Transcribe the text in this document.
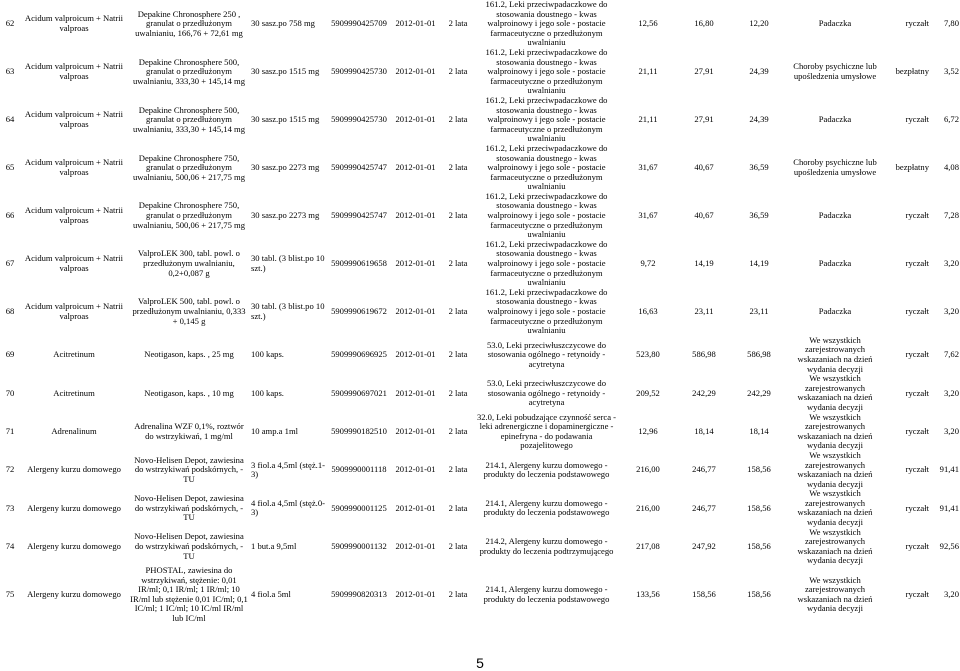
62	Acidum valproicum + Natrii valproas	Depakine Chronosphere 250 , granulat o przedłużonym uwalnianiu, 166,76 + 72,61 mg	30 sasz.po 758 mg	5909990425709	2012-01-01	2 lata	161.2, Leki przeciwpadaczkowe do stosowania doustnego - kwas walproinowy i jego sole - postacie farmaceutyczne o przedłużonym uwalnianiu	12,56	16,80	12,20	Padaczka	ryczałt	7,80
63	Acidum valproicum + Natrii valproas	Depakine Chronosphere 500, granulat o przedłużonym uwalnianiu, 333,30 + 145,14 mg	30 sasz.po 1515 mg	5909990425730	2012-01-01	2 lata	161.2, Leki przeciwpadaczkowe do stosowania doustnego - kwas walproinowy i jego sole - postacie farmaceutyczne o przedłużonym uwalnianiu	21,11	27,91	24,39	Choroby psychiczne lub upośledzenia umysłowe	bezpłatny	3,52
64	Acidum valproicum + Natrii valproas	Depakine Chronosphere 500, granulat o przedłużonym uwalnianiu, 333,30 + 145,14 mg	30 sasz.po 1515 mg	5909990425730	2012-01-01	2 lata	161.2, Leki przeciwpadaczkowe do stosowania doustnego - kwas walproinowy i jego sole - postacie farmaceutyczne o przedłużonym uwalnianiu	21,11	27,91	24,39	Padaczka	ryczałt	6,72
65	Acidum valproicum + Natrii valproas	Depakine Chronosphere 750, granulat o przedłużonym uwalnianiu, 500,06 + 217,75 mg	30 sasz.po 2273 mg	5909990425747	2012-01-01	2 lata	161.2, Leki przeciwpadaczkowe do stosowania doustnego - kwas walproinowy i jego sole - postacie farmaceutyczne o przedłużonym uwalnianiu	31,67	40,67	36,59	Choroby psychiczne lub upośledzenia umysłowe	bezpłatny	4,08
66	Acidum valproicum + Natrii valproas	Depakine Chronosphere 750, granulat o przedłużonym uwalnianiu, 500,06 + 217,75 mg	30 sasz.po 2273 mg	5909990425747	2012-01-01	2 lata	161.2, Leki przeciwpadaczkowe do stosowania doustnego - kwas walproinowy i jego sole - postacie farmaceutyczne o przedłużonym uwalnianiu	31,67	40,67	36,59	Padaczka	ryczałt	7,28
67	Acidum valproicum + Natrii valproas	ValproLEK 300, tabl. powl. o przedłużonym uwalnianiu, 0,2+0,087 g	30 tabl. (3 blist.po 10 szt.)	5909990619658	2012-01-01	2 lata	161.2, Leki przeciwpadaczkowe do stosowania doustnego - kwas walproinowy i jego sole - postacie farmaceutyczne o przedłużonym uwalnianiu	9,72	14,19	14,19	Padaczka	ryczałt	3,20
68	Acidum valproicum + Natrii valproas	ValproLEK 500, tabl. powl. o przedłużonym uwalnianiu, 0,333 + 0,145 g	30 tabl. (3 blist.po 10 szt.)	5909990619672	2012-01-01	2 lata	161.2, Leki przeciwpadaczkowe do stosowania doustnego - kwas walproinowy i jego sole - postacie farmaceutyczne o przedłużonym uwalnianiu	16,63	23,11	23,11	Padaczka	ryczałt	3,20
69	Acitretinum	Neotigason, kaps. , 25 mg	100 kaps.	5909990696925	2012-01-01	2 lata	53.0, Leki przeciwłuszczycowe do stosowania ogólnego - retynoidy - acytretyna	523,80	586,98	586,98	We wszystkich zarejestrowanych wskazaniach na dzień wydania decyzji	ryczałt	7,62
70	Acitretinum	Neotigason, kaps. , 10 mg	100 kaps.	5909990697021	2012-01-01	2 lata	53.0, Leki przeciwłuszczycowe do stosowania ogólnego - retynoidy - acytretyna	209,52	242,29	242,29	We wszystkich zarejestrowanych wskazaniach na dzień wydania decyzji	ryczałt	3,20
71	Adrenalinum	Adrenalina WZF 0,1%, roztwór do wstrzykiwań, 1 mg/ml	10 amp.a 1ml	5909990182510	2012-01-01	2 lata	32.0, Leki pobudzające czynność serca - leki adrenergiczne i dopaminergiczne - epinefryna - do podawania pozajelitowego	12,96	18,14	18,14	We wszystkich zarejestrowanych wskazaniach na dzień wydania decyzji	ryczałt	3,20
72	Alergeny kurzu domowego	Novo-Helisen Depot, zawiesina do wstrzykiwań podskórnych, - TU	3 fiol.a 4,5ml (stęż.1-3)	5909990001118	2012-01-01	2 lata	214.1, Alergeny kurzu domowego - produkty do leczenia podstawowego	216,00	246,77	158,56	We wszystkich zarejestrowanych wskazaniach na dzień wydania decyzji	ryczałt	91,41
73	Alergeny kurzu domowego	Novo-Helisen Depot, zawiesina do wstrzykiwań podskórnych, - TU	4 fiol.a 4,5ml (stęż.0-3)	5909990001125	2012-01-01	2 lata	214.1, Alergeny kurzu domowego - produkty do leczenia podstawowego	216,00	246,77	158,56	We wszystkich zarejestrowanych wskazaniach na dzień wydania decyzji	ryczałt	91,41
74	Alergeny kurzu domowego	Novo-Helisen Depot, zawiesina do wstrzykiwań podskórnych, - TU	1 but.a 9,5ml	5909990001132	2012-01-01	2 lata	214.2, Alergeny kurzu domowego - produkty do leczenia podtrzymującego	217,08	247,92	158,56	We wszystkich zarejestrowanych wskazaniach na dzień wydania decyzji	ryczałt	92,56
75	Alergeny kurzu domowego	PHOSTAL, zawiesina do wstrzykiwań, stężenie: 0,01 IR/ml; 0,1 IR/ml; 1 IR/ml; 10 IR/ml lub stężenie 0,01 IC/ml; 0,1 IC/ml; 1 IC/ml; 10 IC/ml IR/ml lub IC/ml	4 fiol.a 5ml	5909990820313	2012-01-01	2 lata	214.1, Alergeny kurzu domowego - produkty do leczenia podstawowego	133,56	158,56	158,56	We wszystkich zarejestrowanych wskazaniach na dzień wydania decyzji	ryczałt	3,20
5
